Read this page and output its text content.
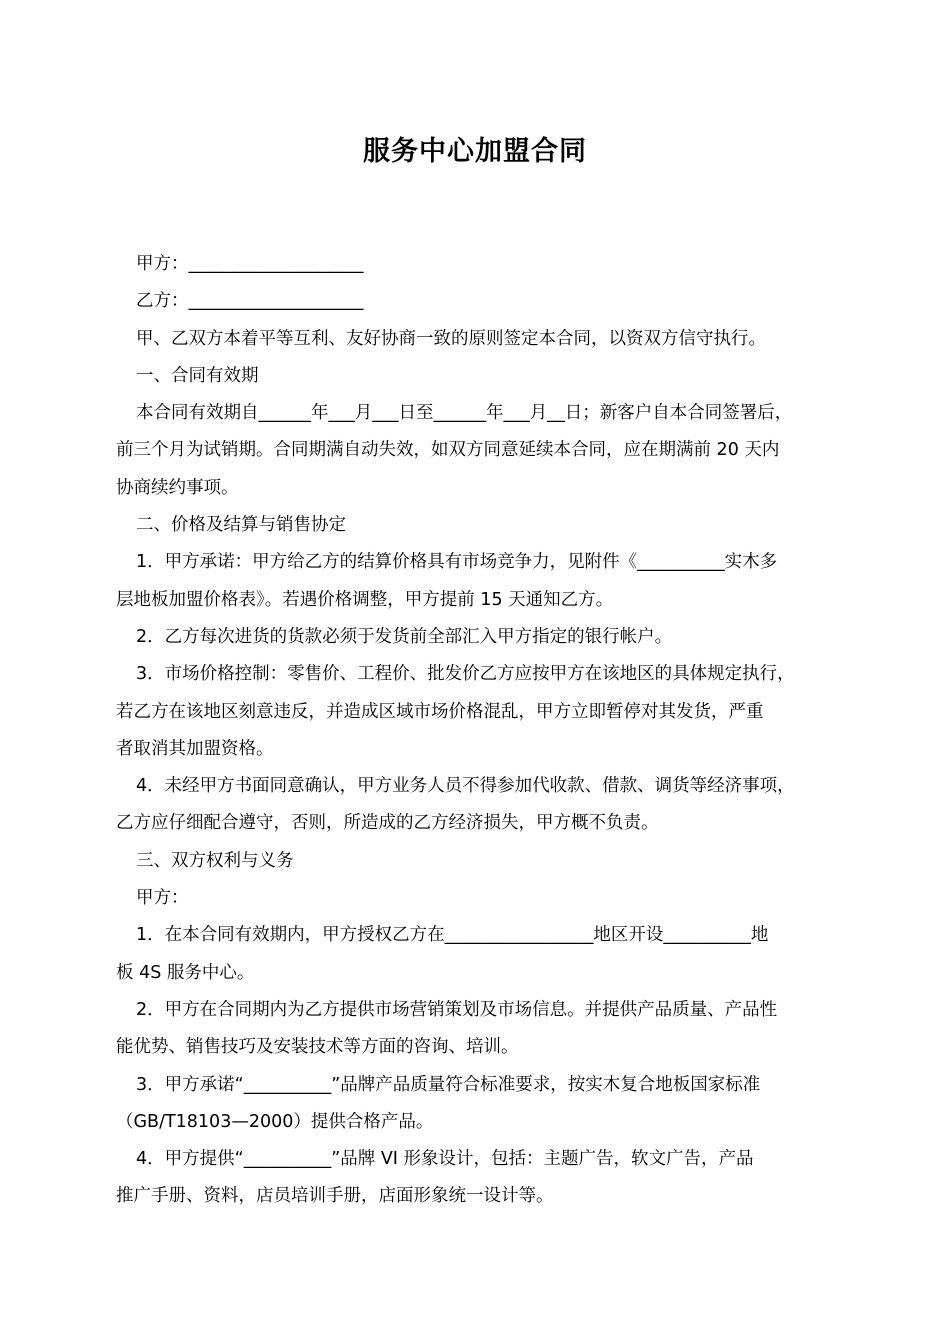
服务中心加盟合同
甲方：____________________
乙方：____________________
甲、乙双方本着平等互利、友好协商一致的原则签定本合同，以资双方信守执行。
一、合同有效期
本合同有效期自______年___月___日至______年___月__日；新客户自本合同签署后，
前三个月为试销期。合同期满自动失效，如双方同意延续本合同，应在期满前 20 天内
协商续约事项。
二、价格及结算与销售协定
1．甲方承诺：甲方给乙方的结算价格具有市场竞争力，见附件《__________实木多
层地板加盟价格表》。若遇价格调整，甲方提前 15 天通知乙方。
2．乙方每次进货的货款必须于发货前全部汇入甲方指定的银行帐户。
3．市场价格控制：零售价、工程价、批发价乙方应按甲方在该地区的具体规定执行，
若乙方在该地区刻意违反，并造成区域市场价格混乱，甲方立即暂停对其发货，严重
者取消其加盟资格。
4．未经甲方书面同意确认，甲方业务人员不得参加代收款、借款、调货等经济事项，
乙方应仔细配合遵守，否则，所造成的乙方经济损失，甲方概不负责。
三、双方权利与义务
甲方：
1．在本合同有效期内，甲方授权乙方在_________________地区开设__________地
板 4S 服务中心。
2．甲方在合同期内为乙方提供市场营销策划及市场信息。并提供产品质量、产品性
能优势、销售技巧及安装技术等方面的咨询、培训。
3．甲方承诺“__________”品牌产品质量符合标准要求，按实木复合地板国家标准
（GB/T18103—2000）提供合格产品。
4．甲方提供“__________”品牌 VI 形象设计，包括：主题广告，软文广告，产品
推广手册、资料，店员培训手册，店面形象统一设计等。
